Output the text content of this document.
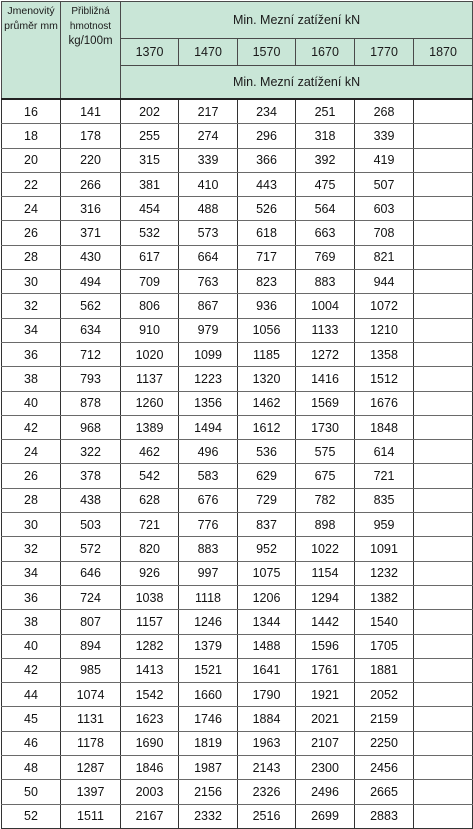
Jmenovitý
průměr mm	Přibližná
hmotnost
kg/100m	Min. Mezní zatížení kN					
		1370	1470	1570	1670	1770	1870
		Min. Mezní zatížení kN					
16	141	202	217	234	251	268	
18	178	255	274	296	318	339	
20	220	315	339	366	392	419	
22	266	381	410	443	475	507	
24	316	454	488	526	564	603	
26	371	532	573	618	663	708	
28	430	617	664	717	769	821	
30	494	709	763	823	883	944	
32	562	806	867	936	1004	1072	
34	634	910	979	1056	1133	1210	
36	712	1020	1099	1185	1272	1358	
38	793	1137	1223	1320	1416	1512	
40	878	1260	1356	1462	1569	1676	
42	968	1389	1494	1612	1730	1848	
24	322	462	496	536	575	614	
26	378	542	583	629	675	721	
28	438	628	676	729	782	835	
30	503	721	776	837	898	959	
32	572	820	883	952	1022	1091	
34	646	926	997	1075	1154	1232	
36	724	1038	1118	1206	1294	1382	
38	807	1157	1246	1344	1442	1540	
40	894	1282	1379	1488	1596	1705	
42	985	1413	1521	1641	1761	1881	
44	1074	1542	1660	1790	1921	2052	
45	1131	1623	1746	1884	2021	2159	
46	1178	1690	1819	1963	2107	2250	
48	1287	1846	1987	2143	2300	2456	
50	1397	2003	2156	2326	2496	2665	
52	1511	2167	2332	2516	2699	2883	
